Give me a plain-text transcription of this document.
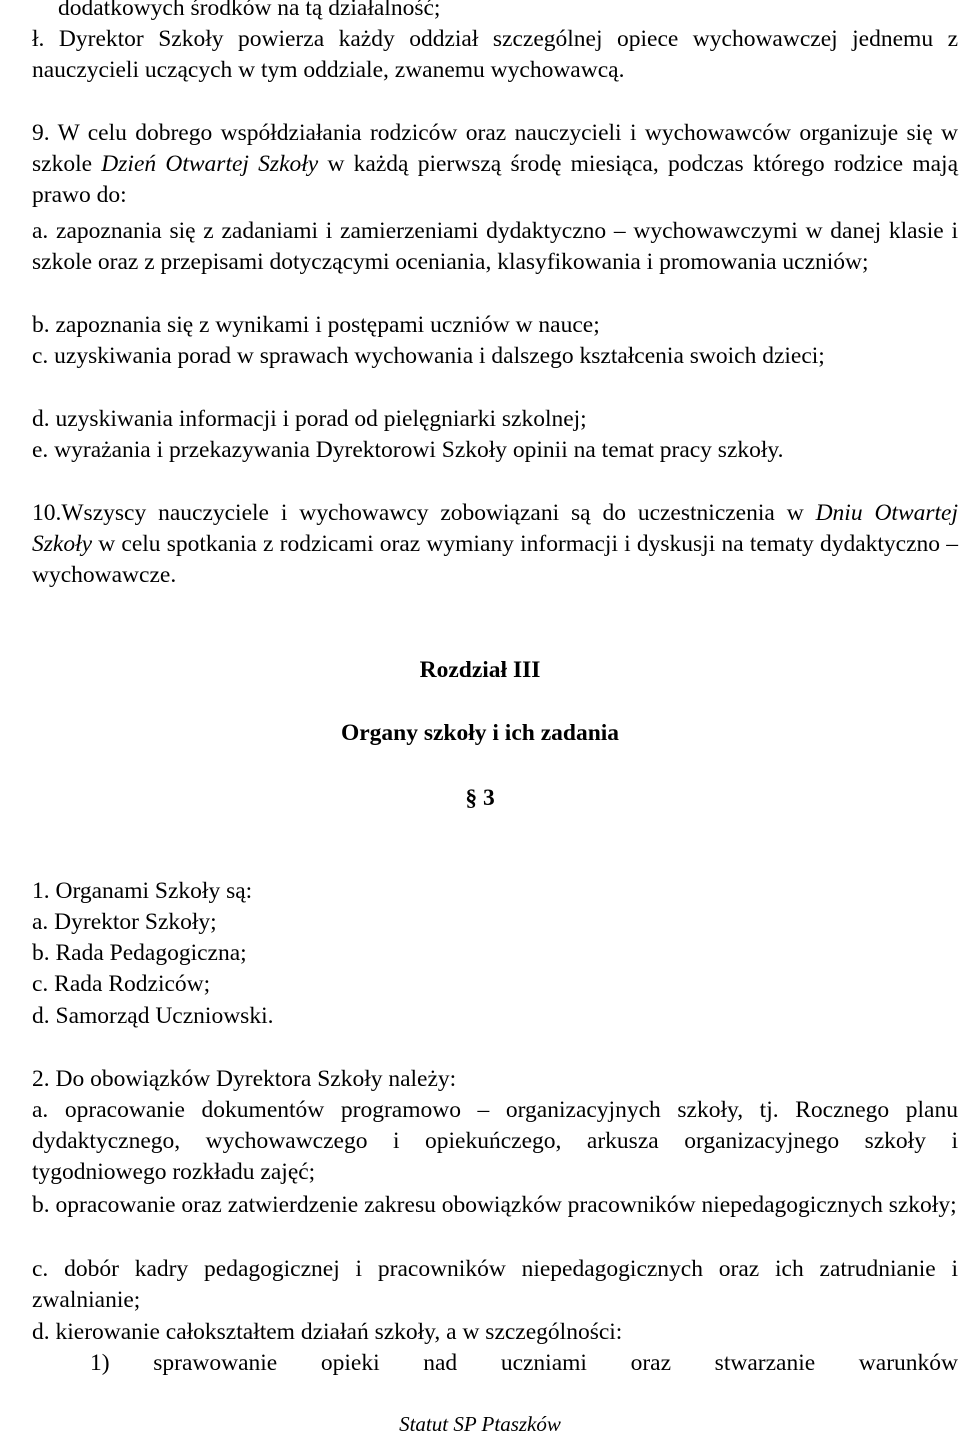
dodatkowych środków na tą działalność;

ł. Dyrektor Szkoły powierza każdy oddział szczególnej opiece wychowawczej jednemu z nauczycieli uczących w tym oddziale, zwanemu wychowawcą.

9. W celu dobrego współdziałania rodziców oraz nauczycieli i wychowawców organizuje się w szkole Dzień Otwartej Szkoły w każdą pierwszą środę miesiąca, podczas którego rodzice mają prawo do:

a. zapoznania się z zadaniami i zamierzeniami dydaktyczno – wychowawczymi w danej klasie i szkole oraz z przepisami dotyczącymi oceniania, klasyfikowania i promowania uczniów;

b. zapoznania się z wynikami i postępami uczniów w nauce;

c. uzyskiwania porad w sprawach wychowania i dalszego kształcenia swoich dzieci;

d. uzyskiwania informacji i porad od pielęgniarki szkolnej;

e. wyrażania i przekazywania Dyrektorowi Szkoły opinii na temat pracy szkoły.

10.Wszyscy nauczyciele i wychowawcy zobowiązani są do uczestniczenia w Dniu Otwartej Szkoły w celu spotkania z rodzicami oraz wymiany informacji i dyskusji na tematy dydaktyczno – wychowawcze.

Rozdział III

Organy szkoły i ich zadania

§ 3

1. Organami Szkoły są:

a. Dyrektor Szkoły;

b. Rada Pedagogiczna;

c. Rada Rodziców;

d. Samorząd Uczniowski.

2. Do obowiązków Dyrektora Szkoły należy:

a. opracowanie dokumentów programowo – organizacyjnych szkoły, tj. Rocznego planu dydaktycznego, wychowawczego i opiekuńczego, arkusza organizacyjnego szkoły i tygodniowego rozkładu zajęć;

b. opracowanie oraz zatwierdzenie zakresu obowiązków pracowników niepedagogicznych szkoły;

c. dobór kadry pedagogicznej i pracowników niepedagogicznych oraz ich zatrudnianie i zwalnianie;

d. kierowanie całokształtem działań szkoły, a w szczególności:

1) sprawowanie opieki nad uczniami oraz stwarzanie warunków

Statut SP Ptaszków
